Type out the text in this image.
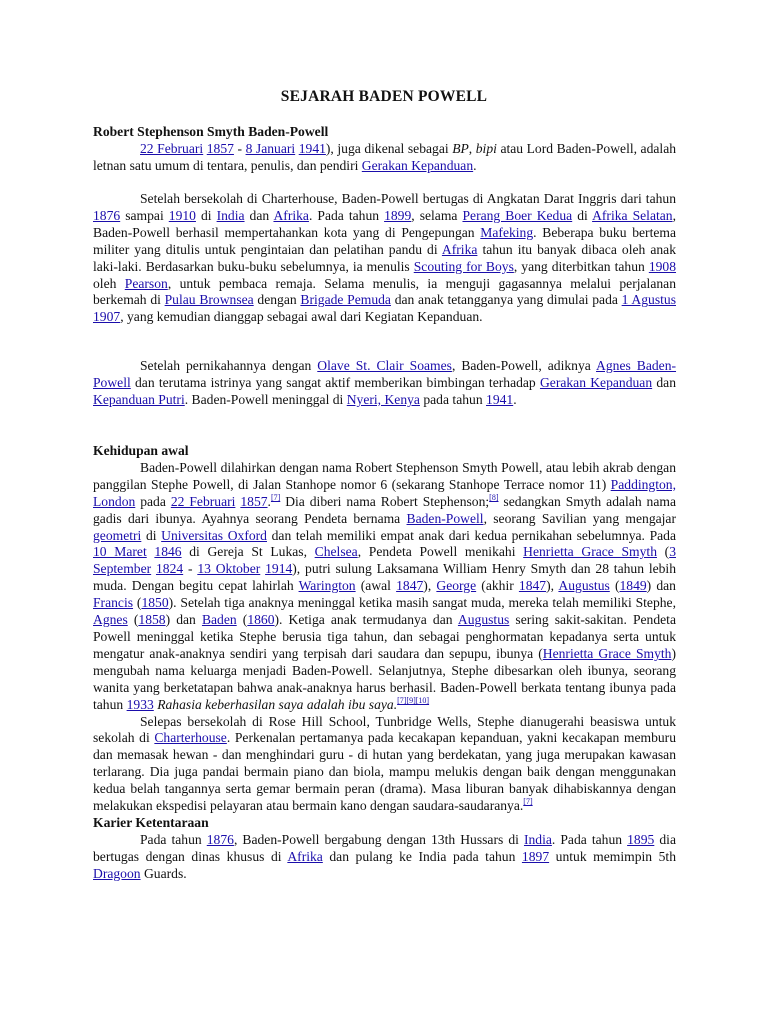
SEJARAH BADEN POWELL
Robert Stephenson Smyth Baden-Powell

22 Februari 1857 - 8 Januari 1941), juga dikenal sebagai BP, bipi atau Lord Baden-Powell, adalah letnan satu umum di tentara, penulis, dan pendiri Gerakan Kepanduan.

Setelah bersekolah di Charterhouse, Baden-Powell bertugas di Angkatan Darat Inggris dari tahun 1876 sampai 1910 di India dan Afrika. Pada tahun 1899, selama Perang Boer Kedua di Afrika Selatan, Baden-Powell berhasil mempertahankan kota yang di Pengepungan Mafeking. Beberapa buku bertema militer yang ditulis untuk pengintaian dan pelatihan pandu di Afrika tahun itu banyak dibaca oleh anak laki-laki. Berdasarkan buku-buku sebelumnya, ia menulis Scouting for Boys, yang diterbitkan tahun 1908 oleh Pearson, untuk pembaca remaja. Selama menulis, ia menguji gagasannya melalui perjalanan berkemah di Pulau Brownsea dengan Brigade Pemuda dan anak tetangganya yang dimulai pada 1 Agustus 1907, yang kemudian dianggap sebagai awal dari Kegiatan Kepanduan.

Setelah pernikahannya dengan Olave St. Clair Soames, Baden-Powell, adiknya Agnes Baden-Powell dan terutama istrinya yang sangat aktif memberikan bimbingan terhadap Gerakan Kepanduan dan Kepanduan Putri. Baden-Powell meninggal di Nyeri, Kenya pada tahun 1941.

Kehidupan awal

Baden-Powell dilahirkan dengan nama Robert Stephenson Smyth Powell, atau lebih akrab dengan panggilan Stephe Powell, di Jalan Stanhope nomor 6 (sekarang Stanhope Terrace nomor 11) Paddington, London pada 22 Februari 1857.[7] Dia diberi nama Robert Stephenson;[8] sedangkan Smyth adalah nama gadis dari ibunya. Ayahnya seorang Pendeta bernama Baden-Powell, seorang Savilian yang mengajar geometri di Universitas Oxford dan telah memiliki empat anak dari kedua pernikahan sebelumnya. Pada 10 Maret 1846 di Gereja St Lukas, Chelsea, Pendeta Powell menikahi Henrietta Grace Smyth (3 September 1824 - 13 Oktober 1914), putri sulung Laksamana William Henry Smyth dan 28 tahun lebih muda. Dengan begitu cepat lahirlah Warington (awal 1847), George (akhir 1847), Augustus (1849) dan Francis (1850). Setelah tiga anaknya meninggal ketika masih sangat muda, mereka telah memiliki Stephe, Agnes (1858) dan Baden (1860). Ketiga anak termudanya dan Augustus sering sakit-sakitan. Pendeta Powell meninggal ketika Stephe berusia tiga tahun, dan sebagai penghormatan kepadanya serta untuk mengatur anak-anaknya sendiri yang terpisah dari saudara dan sepupu, ibunya (Henrietta Grace Smyth) mengubah nama keluarga menjadi Baden-Powell. Selanjutnya, Stephe dibesarkan oleh ibunya, seorang wanita yang berketatapan bahwa anak-anaknya harus berhasil. Baden-Powell berkata tentang ibunya pada tahun 1933 Rahasia keberhasilan saya adalah ibu saya.[7][9][10]

Selepas bersekolah di Rose Hill School, Tunbridge Wells, Stephe dianugerahi beasiswa untuk sekolah di Charterhouse. Perkenalan pertamanya pada kecakapan kepanduan, yakni kecakapan memburu dan memasak hewan - dan menghindari guru - di hutan yang berdekatan, yang juga merupakan kawasan terlarang. Dia juga pandai bermain piano dan biola, mampu melukis dengan baik dengan menggunakan kedua belah tangannya serta gemar bermain peran (drama). Masa liburan banyak dihabiskannya dengan melakukan ekspedisi pelayaran atau bermain kano dengan saudara-saudaranya.[7]

Karier Ketentaraan

Pada tahun 1876, Baden-Powell bergabung dengan 13th Hussars di India. Pada tahun 1895 dia bertugas dengan dinas khusus di Afrika dan pulang ke India pada tahun 1897 untuk memimpin 5th Dragoon Guards.
